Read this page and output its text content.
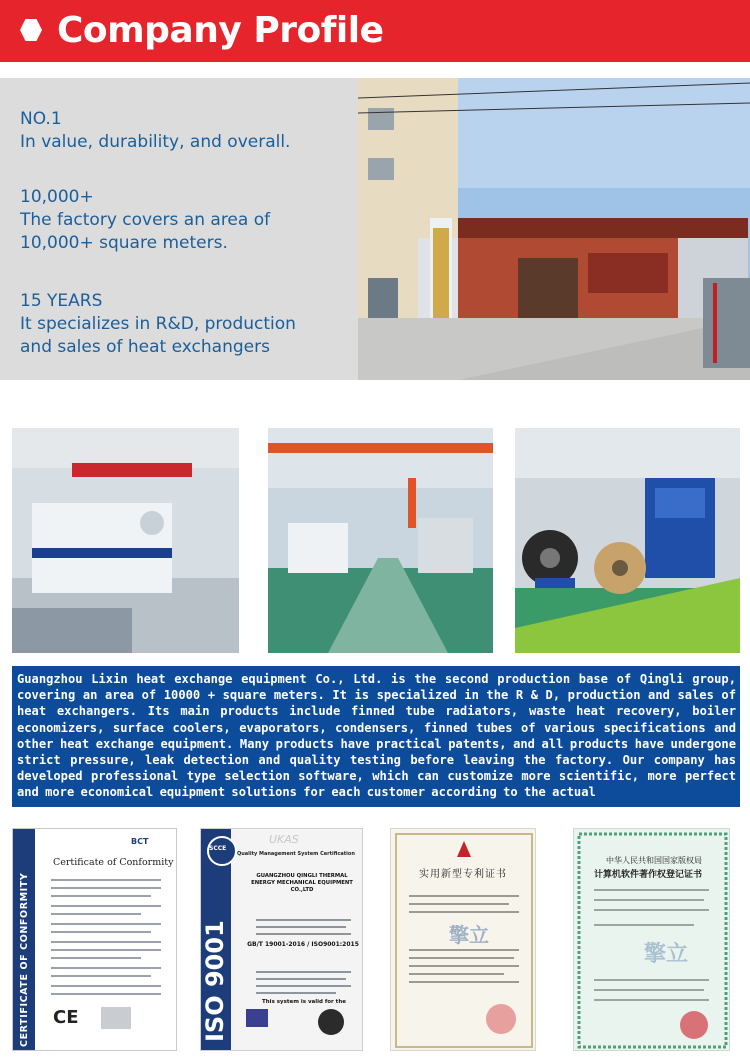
Company Profile
NO.1
In value, durability, and overall.
10,000+
The factory covers an area of
10,000+ square meters.
15 YEARS
It specializes in R&D, production
and sales of heat exchangers

Guangzhou Lixin heat exchange equipment Co., Ltd. is the second production base of Qingli group, covering an area of 10000 + square meters. It is specialized in the R & D, production and sales of heat exchangers. Its main products include finned tube radiators, waste heat recovery, boiler economizers, surface coolers, evaporators, condensers, finned tubes of various specifications and other heat exchange equipment. Many products have practical patents, and all products have undergone strict pressure, leak detection and quality testing before leaving the factory. Our company has developed professional type selection software, which can customize more scientific, more perfect and more economical equipment solutions for each customer according to the actual

CERTIFICATE OF CONFORMITY
BCT
Certificate of Conformity
CE
SCCE
ISO 9001
UKAS
Quality Management System Certification
GUANGZHOU QINGLI THERMAL ENERGY MECHANICAL EQUIPMENT CO.,LTD
GB/T 19001-2016 / ISO9001:2015
This system is valid for the
实用新型专利证书
擎立
中华人民共和国国家版权局
计算机软件著作权登记证书
擎立
